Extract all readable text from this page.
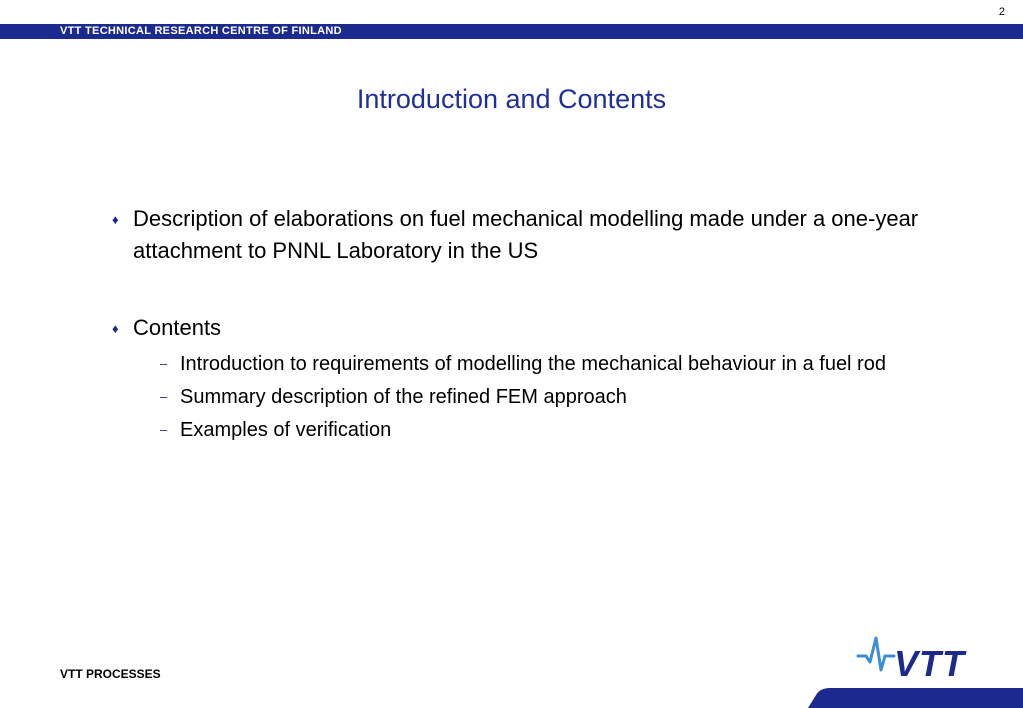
2
VTT TECHNICAL RESEARCH CENTRE OF FINLAND
Introduction and Contents
♦ Description of elaborations on fuel mechanical modelling made under a one-year attachment to PNNL Laboratory in the US
♦ Contents
– Introduction to requirements of modelling the mechanical behaviour in a fuel rod
– Summary description of the refined FEM approach
– Examples of verification
VTT PROCESSES	VTT
